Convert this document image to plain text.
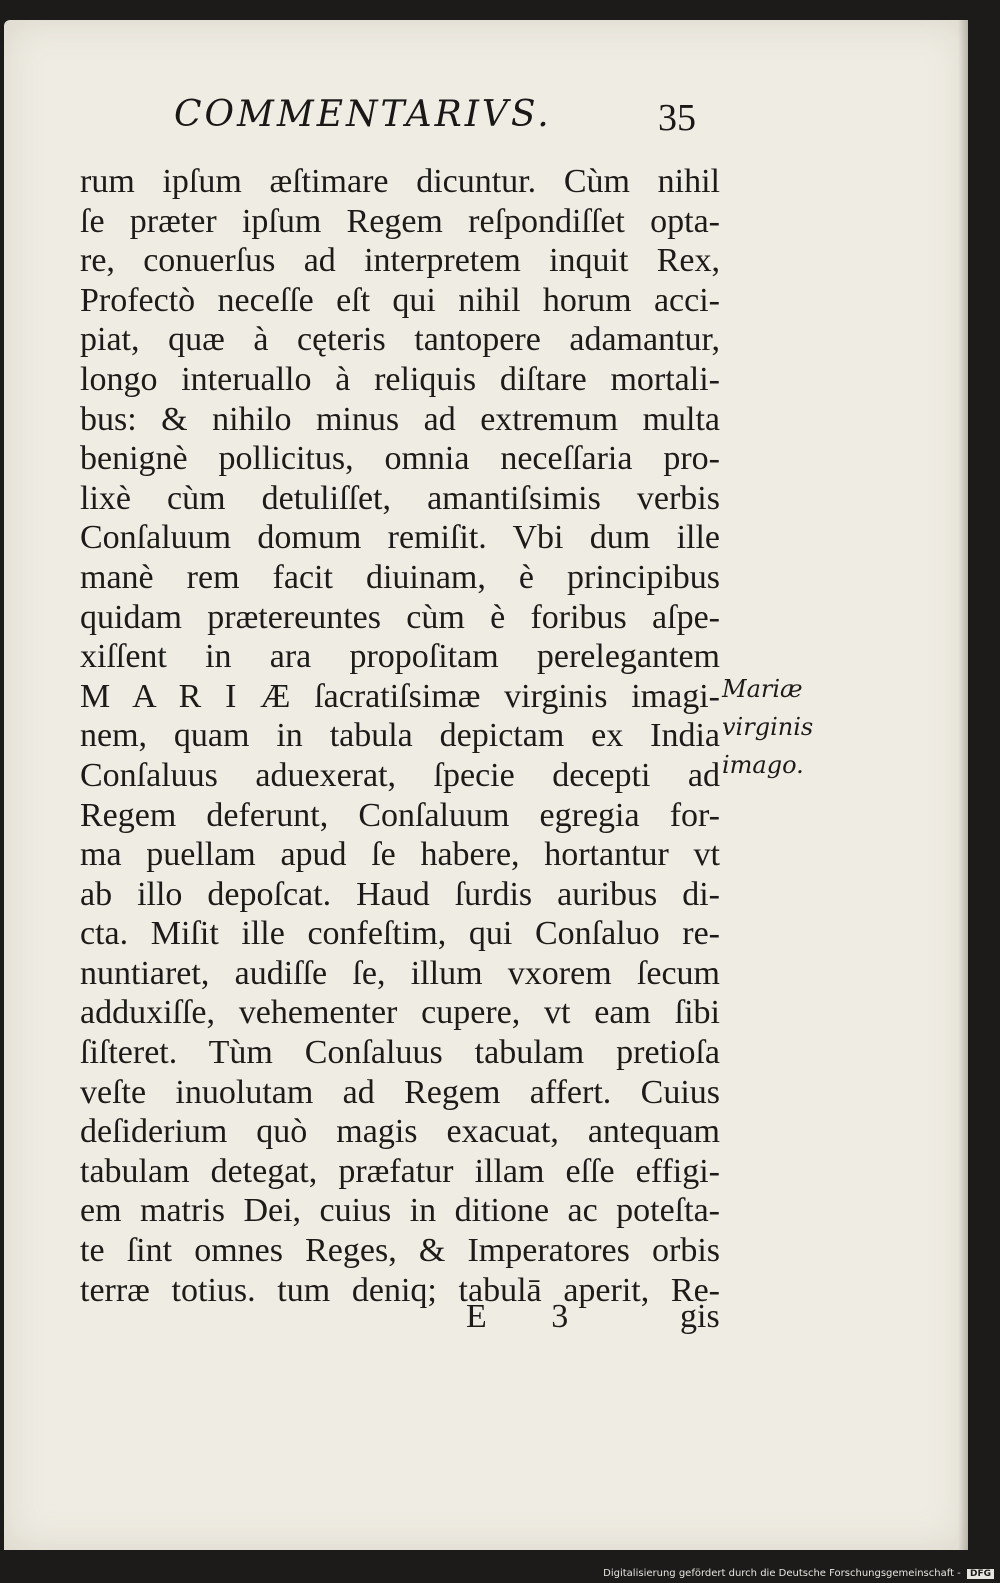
COMMENTARIVS.	35
rum ipſum æſtimare dicuntur. Cùm nihil
ſe præter ipſum Regem reſpondiſſet opta-
re, conuerſus ad interpretem inquit Rex,
Profectò neceſſe eſt qui nihil horum acci-
piat, quæ à cęteris tantopere adamantur,
longo interuallo à reliquis diſtare mortali-
bus: & nihilo minus ad extremum multa
benignè pollicitus, omnia neceſſaria pro-
lixè cùm detuliſſet, amantiſsimis verbis
Conſaluum domum remiſit. Vbi dum ille
manè rem facit diuinam, è principibus
quidam prætereuntes cùm è foribus aſpe-
xiſſent in ara propoſitam perelegantem
M A R I Æ ſacratiſsimæ virginis imagi-
nem, quam in tabula depictam ex India
Conſaluus aduexerat, ſpecie decepti ad
Regem deferunt, Conſaluum egregia for-
ma puellam apud ſe habere, hortantur vt
ab illo depoſcat. Haud ſurdis auribus di-
cta. Miſit ille confeſtim, qui Conſaluo re-
nuntiaret, audiſſe ſe, illum vxorem ſecum
adduxiſſe, vehementer cupere, vt eam ſibi
ſiſteret. Tùm Conſaluus tabulam pretioſa
veſte inuolutam ad Regem affert. Cuius
deſiderium quò magis exacuat, antequam
tabulam detegat, præfatur illam eſſe effigi-
em matris Dei, cuius in ditione ac poteſta-
te ſint omnes Reges, & Imperatores orbis
terræ totius. tum deniq; tabulā aperit, Re-
Mariæ
virginis
imago.
E 3 gis
Digitalisierung gefördert durch die Deutsche Forschungsgemeinschaft - DFG
